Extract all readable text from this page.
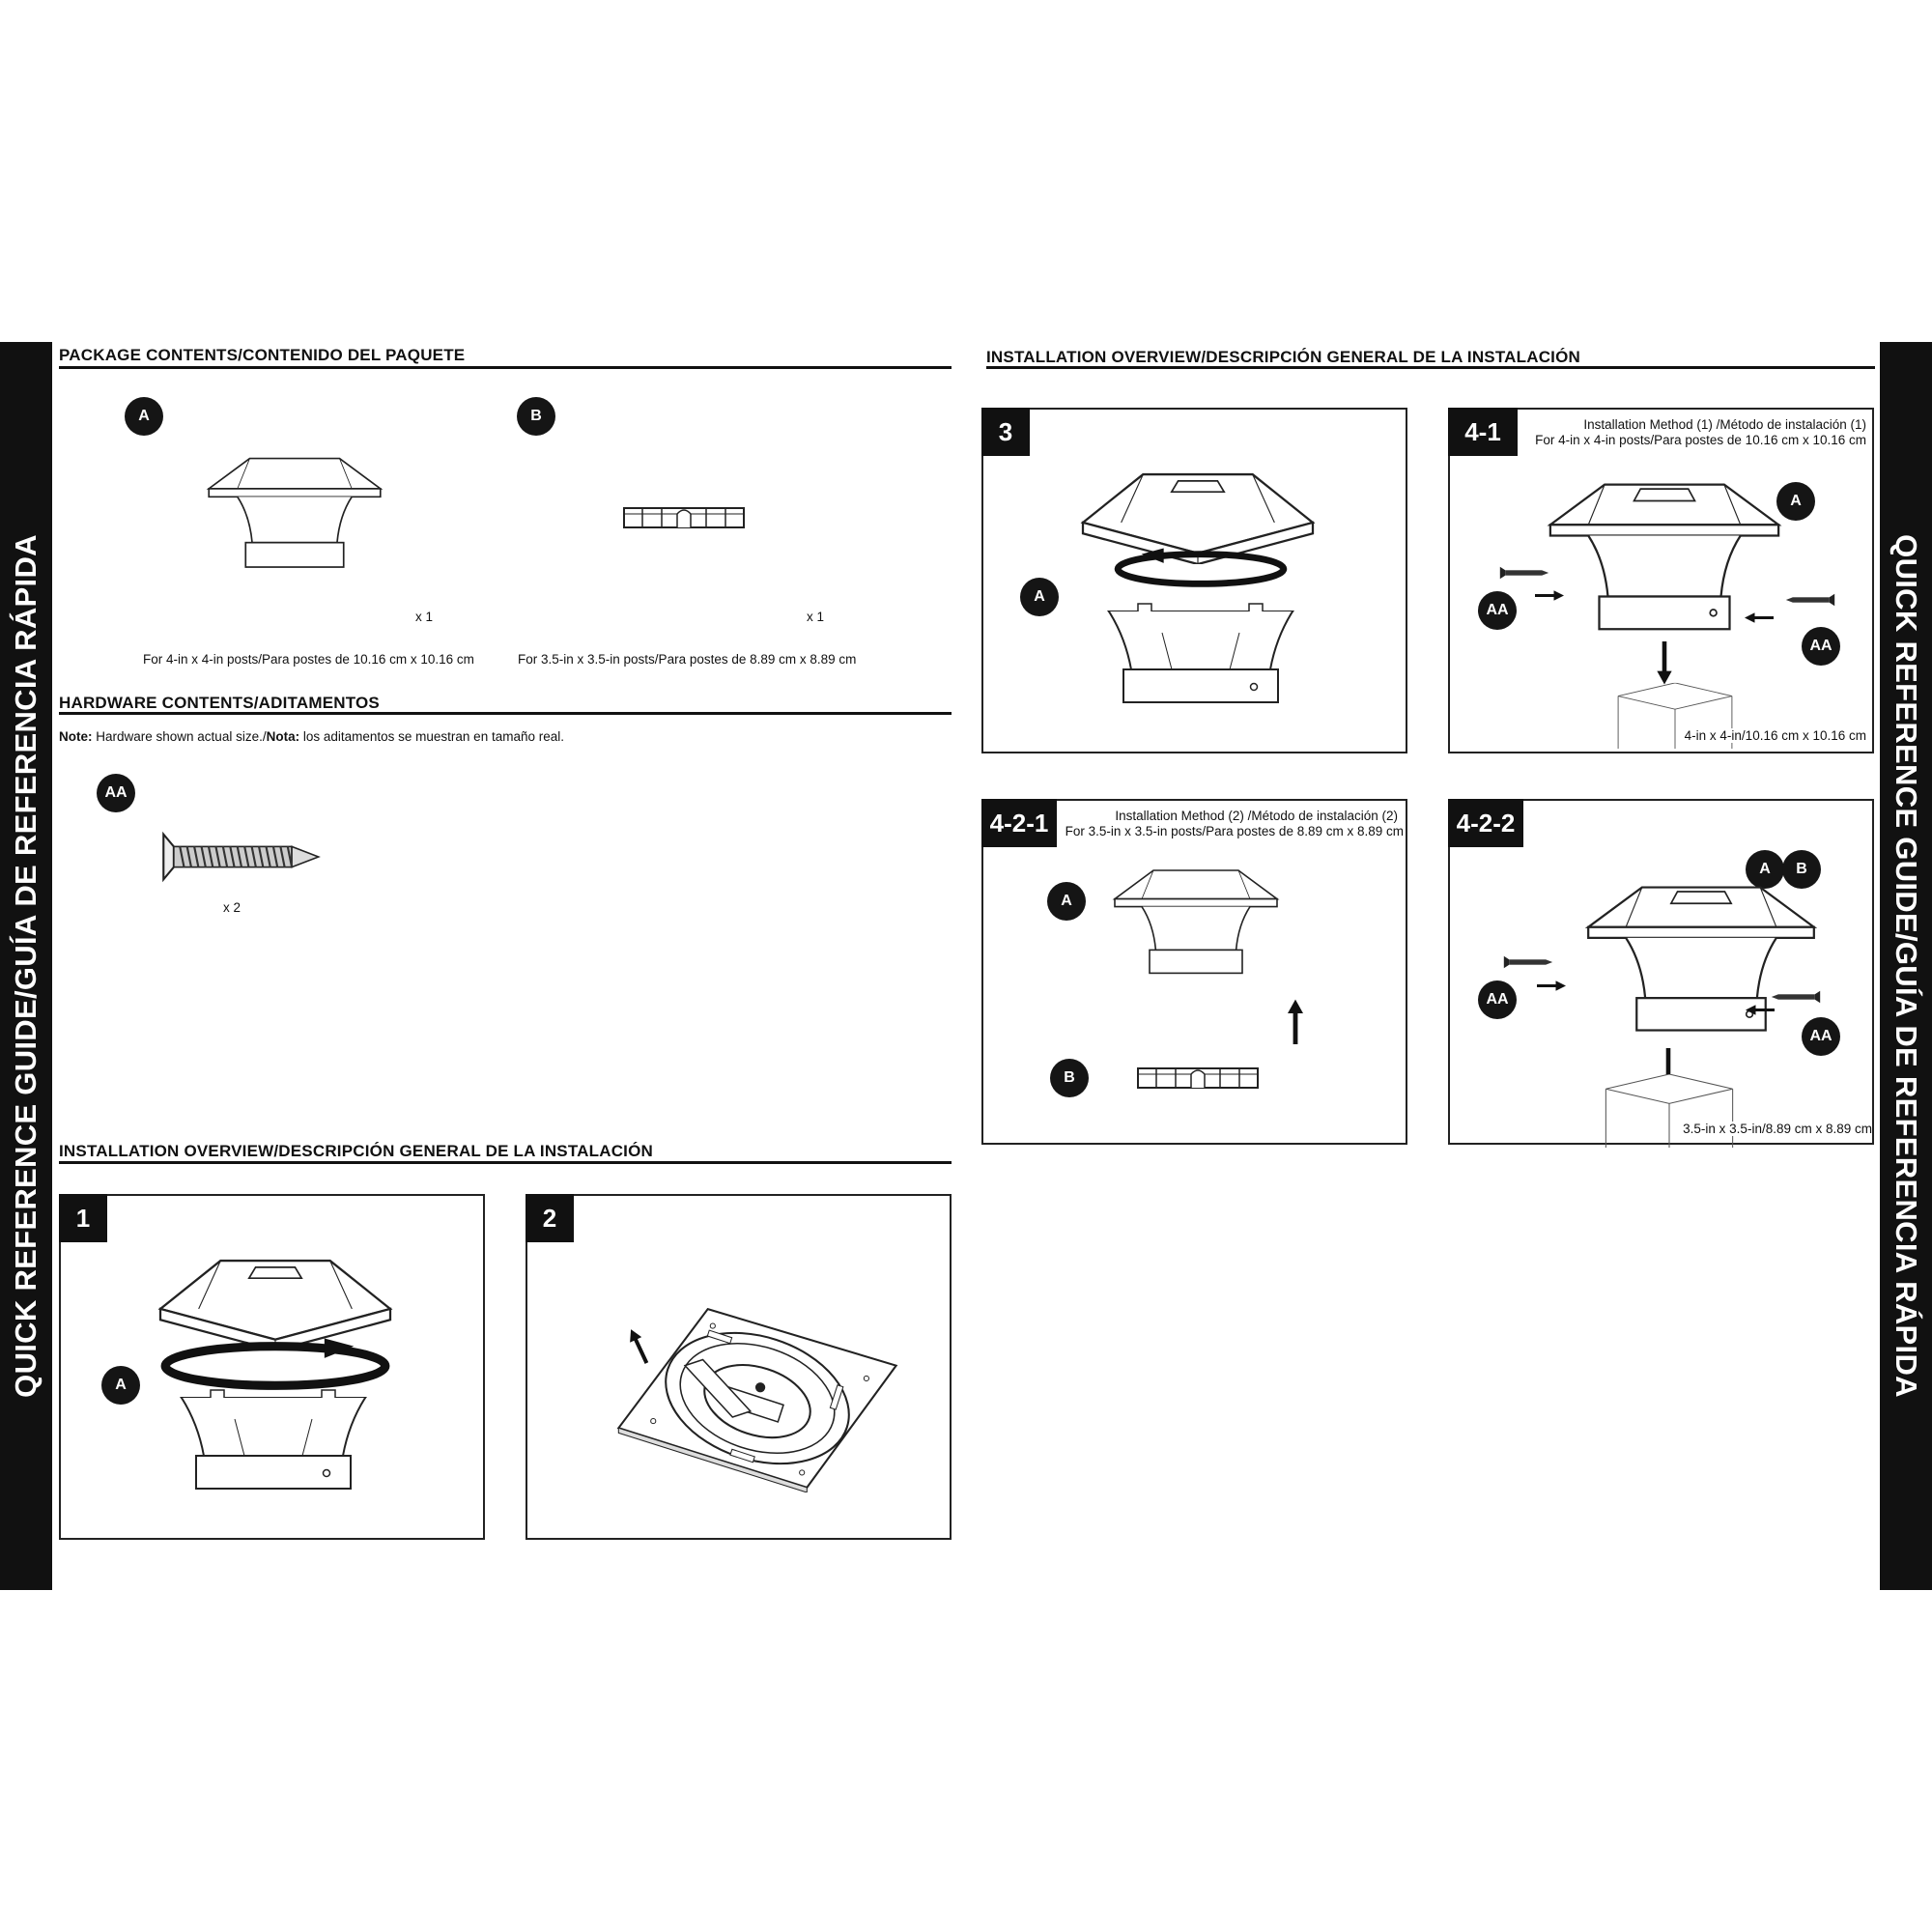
QUICK REFERENCE GUIDE/GUÍA DE REFERENCIA RÁPIDA	QUICK REFERENCE GUIDE/GUÍA DE REFERENCIA RÁPIDA
PACKAGE CONTENTS/CONTENIDO DEL PAQUETE
A
x 1
For 4-in x 4-in posts/Para postes de 10.16 cm x 10.16 cm
B
x 1
For 3.5-in x 3.5-in posts/Para postes de 8.89 cm x 8.89 cm
HARDWARE CONTENTS/ADITAMENTOS
Note: Hardware shown actual size./Nota: los aditamentos se muestran en tamaño real.
AA
x 2
INSTALLATION OVERVIEW/DESCRIPCIÓN GENERAL DE LA INSTALACIÓN
1
A
2
INSTALLATION OVERVIEW/DESCRIPCIÓN GENERAL DE LA INSTALACIÓN
3
A
4-1	Installation Method (1) /Método de instalación (1)
For 4-in x 4-in posts/Para postes de 10.16 cm x 10.16 cm
A
AA
AA
4-in x 4-in/10.16 cm x 10.16 cm
4-2-1	Installation Method (2) /Método de instalación (2)
For 3.5-in x 3.5-in posts/Para postes de 8.89 cm x 8.89 cm
A
B
4-2-2
A	B
AA
AA
3.5-in x 3.5-in/8.89 cm x 8.89 cm
